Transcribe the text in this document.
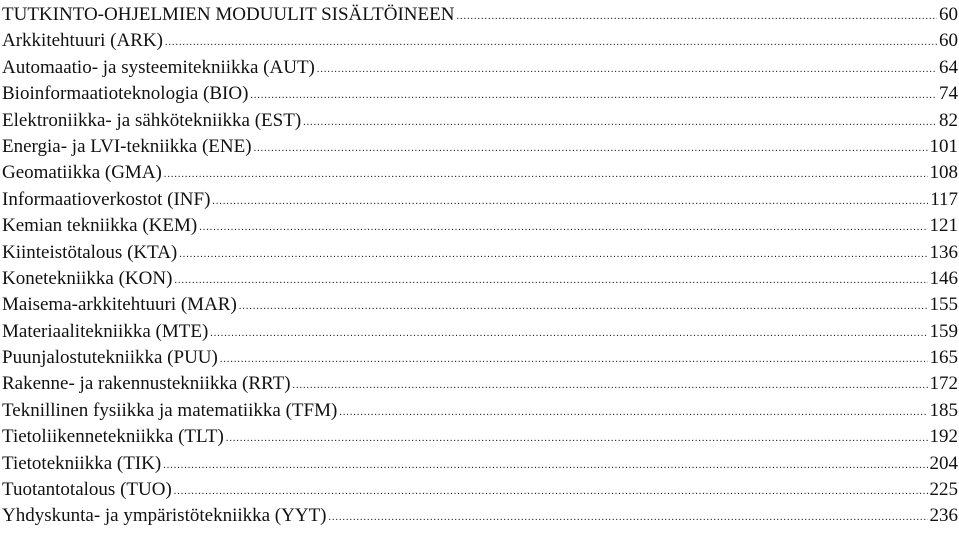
TUTKINTO-OHJELMIEN MODUULIT SISÄLTÖINEEN .....	60
Arkkitehtuuri (ARK) .....	60
Automaatio- ja systeemitekniikka (AUT) .....	64
Bioinformaatioteknologia (BIO) .....	74
Elektroniikka- ja sähkötekniikka (EST) .....	82
Energia- ja LVI-tekniikka (ENE) .....	101
Geomatiikka (GMA) .....	108
Informaatioverkostot (INF) .....	117
Kemian tekniikka (KEM) .....	121
Kiinteistötalous (KTA) .....	136
Konetekniikka (KON) .....	146
Maisema-arkkitehtuuri (MAR) .....	155
Materiaalitekniikka (MTE) .....	159
Puunjalostutekniikka (PUU) .....	165
Rakenne- ja rakennustekniikka (RRT) .....	172
Teknillinen fysiikka ja matematiikka (TFM) .....	185
Tietoliikennetekniikka (TLT) .....	192
Tietotekniikka (TIK) .....	204
Tuotantotalous (TUO) .....	225
Yhdyskunta- ja ympäristötekniikka (YYT) .....	236
